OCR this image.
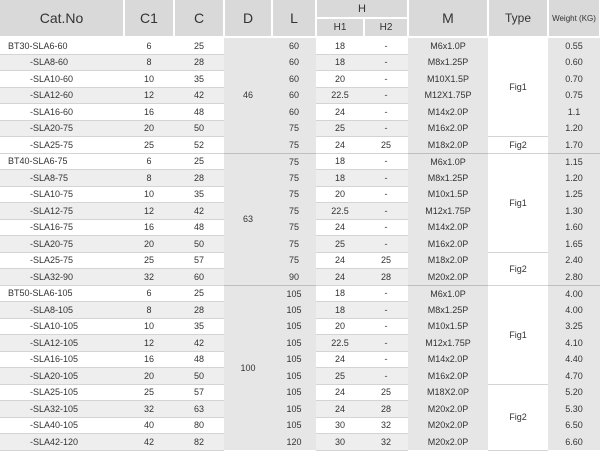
Cat.No	C1	C	D	L	H		M	Type	Weight (KG)
					H1	H2			
BT30-SLA6-60	6	25	46	60	18	-	M6x1.0P	Fig1	0.55
-SLA8-60	8	28		60	18	-	M8x1.25P		0.60
-SLA10-60	10	35		60	20	-	M10X1.5P		0.70
-SLA12-60	12	42		60	22.5	-	M12X1.75P		0.75
-SLA16-60	16	48		60	24	-	M14x2.0P		1.1
-SLA20-75	20	50		75	25	-	M16x2.0P		1.20
-SLA25-75	25	52		75	24	25	M18x2.0P	Fig2	1.70
BT40-SLA6-75	6	25	63	75	18	-	M6x1.0P	Fig1	1.15
-SLA8-75	8	28		75	18	-	M8x1.25P		1.20
-SLA10-75	10	35		75	20	-	M10x1.5P		1.25
-SLA12-75	12	42		75	22.5	-	M12x1.75P		1.30
-SLA16-75	16	48		75	24	-	M14x2.0P		1.60
-SLA20-75	20	50		75	25	-	M16x2.0P		1.65
-SLA25-75	25	57		75	24	25	M18x2.0P	Fig2	2.40
-SLA32-90	32	60		90	24	28	M20x2.0P		2.80
BT50-SLA6-105	6	25	100	105	18	-	M6x1.0P	Fig1	4.00
-SLA8-105	8	28		105	18	-	M8x1.25P		4.00
-SLA10-105	10	35		105	20	-	M10x1.5P		3.25
-SLA12-105	12	42		105	22.5	-	M12x1.75P		4.10
-SLA16-105	16	48		105	24	-	M14x2.0P		4.40
-SLA20-105	20	50		105	25	-	M16x2.0P		4.70
-SLA25-105	25	57		105	24	25	M18X2.0P	Fig2	5.20
-SLA32-105	32	63		105	24	28	M20x2.0P		5.30
-SLA40-105	40	80		105	30	32	M20x2.0P		6.50
-SLA42-120	42	82		120	30	32	M20x2.0P		6.60
